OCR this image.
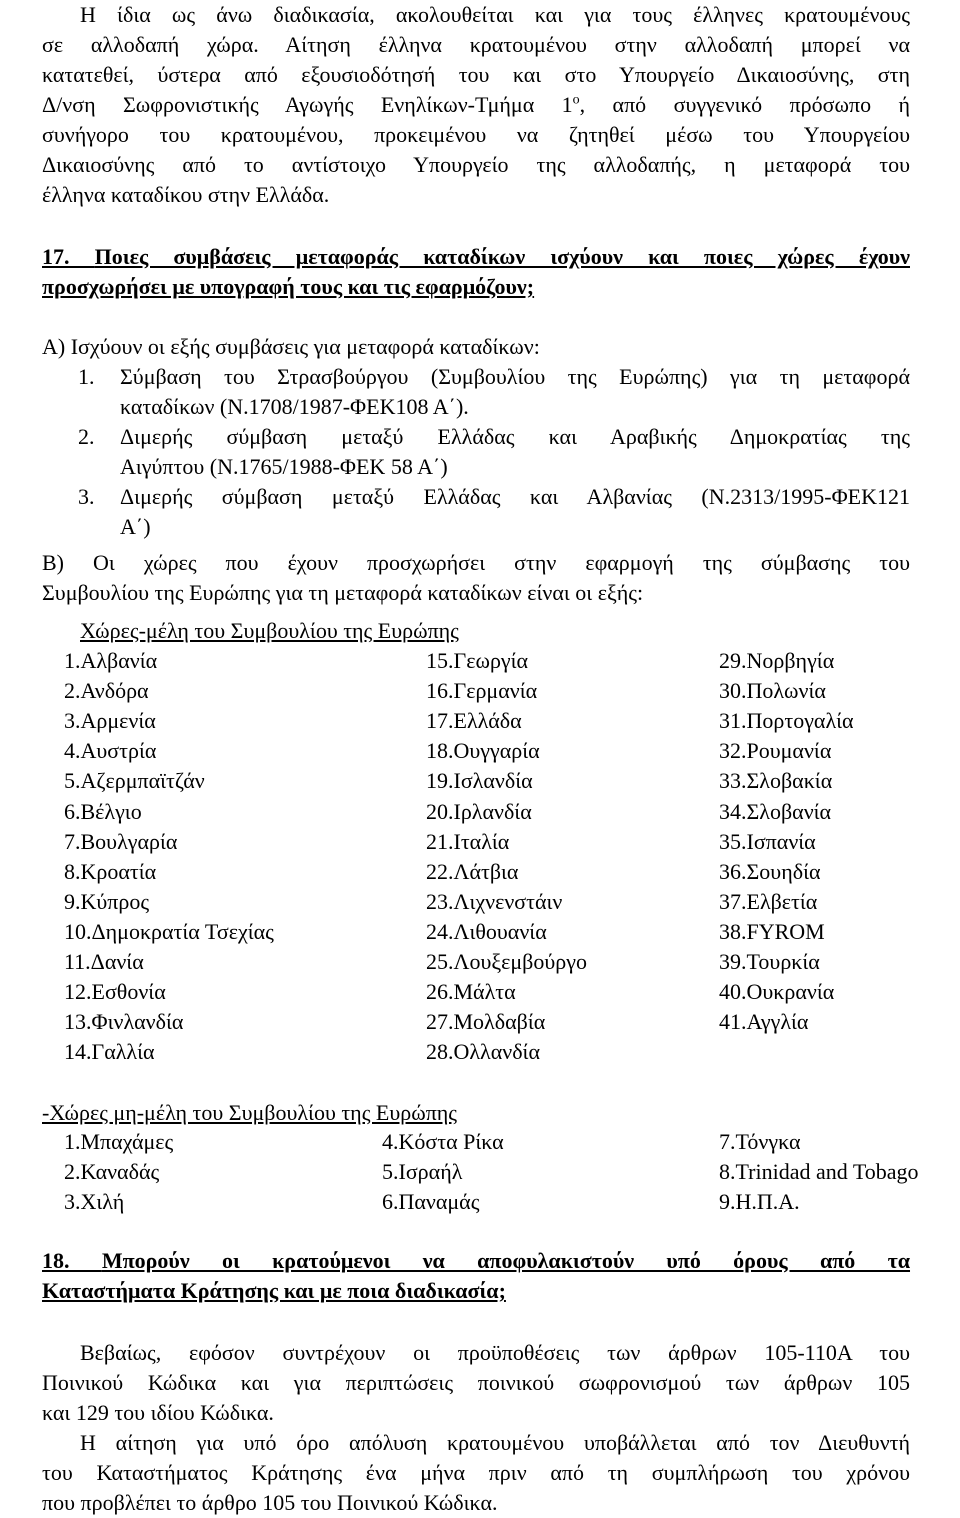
Η ίδια ως άνω διαδικασία, ακολουθείται και για τους έλληνες κρατουμένους
σε αλλοδαπή χώρα. Αίτηση έλληνα κρατουμένου στην αλλοδαπή μπορεί να
κατατεθεί, ύστερα από εξουσιοδότησή του και στο Υπουργείο Δικαιοσύνης, στη
Δ/νση Σωφρονιστικής Αγωγής Ενηλίκων-Τμήμα $1^o$, από συγγενικό πρόσωπο ή
συνήγορο του κρατουμένου, προκειμένου να ζητηθεί μέσω του Υπουργείου
Δικαιοσύνης από το αντίστοιχο Υπουργείο της αλλοδαπής, η μεταφορά του
έλληνα καταδίκου στην Ελλάδα.
17. Ποιες συμβάσεις μεταφοράς καταδίκων ισχύουν και ποιες χώρες έχουν
προσχωρήσει με υπογραφή τους και τις εφαρμόζουν;
Α) Ισχύουν οι εξής συμβάσεις για μεταφορά καταδίκων:
1. Σύμβαση του Στρασβούργου (Συμβουλίου της Ευρώπης) για τη μεταφορά
καταδίκων (Ν.1708/1987-ΦΕΚ108 Α΄).
2. Διμερής σύμβαση μεταξύ Ελλάδας και Αραβικής Δημοκρατίας της
Αιγύπτου (Ν.1765/1988-ΦΕΚ 58 Α΄)
3. Διμερής σύμβαση μεταξύ Ελλάδας και Αλβανίας (Ν.2313/1995-ΦΕΚ121
Α΄)
Β) Οι χώρες που έχουν προσχωρήσει στην εφαρμογή της σύμβασης του
Συμβουλίου της Ευρώπης για τη μεταφορά καταδίκων είναι οι εξής:
Χώρες-μέλη του Συμβουλίου της Ευρώπης
1.Αλβανία
2.Ανδόρα
3.Αρμενία
4.Αυστρία
5.Αζερμπαϊτζάν
6.Βέλγιο
7.Βουλγαρία
8.Κροατία
9.Κύπρος
10.Δημοκρατία Τσεχίας
11.Δανία
12.Εσθονία
13.Φινλανδία
14.Γαλλία
15.Γεωργία
16.Γερμανία
17.Ελλάδα
18.Ουγγαρία
19.Ισλανδία
20.Ιρλανδία
21.Ιταλία
22.Λάτβια
23.Λιχνενστάιν
24.Λιθουανία
25.Λουξεμβούργο
26.Μάλτα
27.Μολδαβία
28.Ολλανδία
29.Νορβηγία
30.Πολωνία
31.Πορτογαλία
32.Ρουμανία
33.Σλοβακία
34.Σλοβανία
35.Ισπανία
36.Σουηδία
37.Ελβετία
38.FYROM
39.Τουρκία
40.Ουκρανία
41.Αγγλία
-Χώρες μη-μέλη του Συμβουλίου της Ευρώπης
1.Μπαχάμες
2.Καναδάς
3.Χιλή
4.Κόστα Ρίκα
5.Ισραήλ
6.Παναμάς
7.Τόνγκα
8.Trinidad and Tobago
9.Η.Π.Α.
18. Μπορούν οι κρατούμενοι να αποφυλακιστούν υπό όρους από τα
Καταστήματα Κράτησης και με ποια διαδικασία;
Βεβαίως, εφόσον συντρέχουν οι προϋποθέσεις των άρθρων 105-110Α του
Ποινικού Κώδικα και για περιπτώσεις ποινικού σωφρονισμού των άρθρων 105
και 129 του ιδίου Κώδικα.
Η αίτηση για υπό όρο απόλυση κρατουμένου υποβάλλεται από τον Διευθυντή
του Καταστήματος Κράτησης ένα μήνα πριν από τη συμπλήρωση του χρόνου
που προβλέπει το άρθρο 105 του Ποινικού Κώδικα.
